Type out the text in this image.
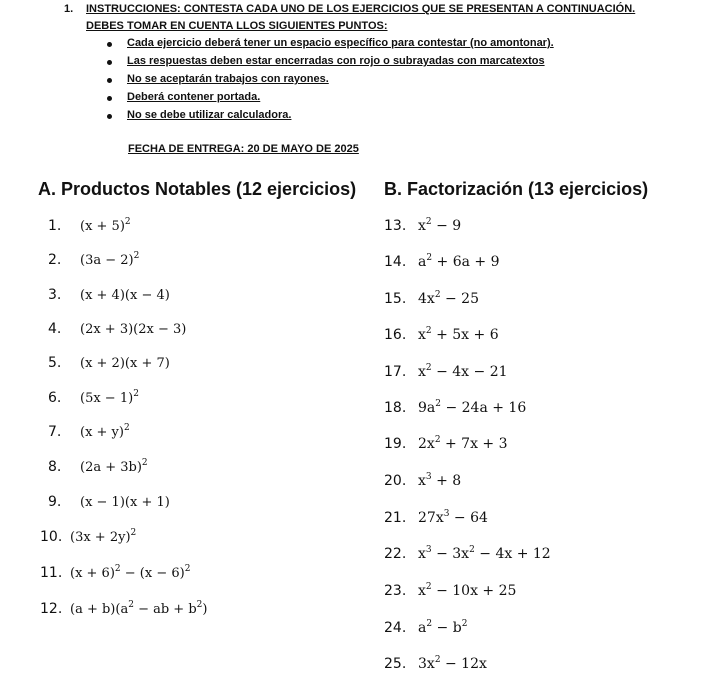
1. INSTRUCCIONES: CONTESTA CADA UNO DE LOS EJERCICIOS QUE SE PRESENTAN A CONTINUACIÓN.
DEBES TOMAR EN CUENTA LLOS SIGUIENTES PUNTOS:
Cada ejercicio deberá tener un espacio específico para contestar (no amontonar).
Las respuestas deben estar encerradas con rojo o subrayadas con marcatextos
No se aceptarán trabajos con rayones.
Deberá contener portada.
No se debe utilizar calculadora.
FECHA DE ENTREGA: 20 DE MAYO DE 2025
A. Productos Notables (12 ejercicios) B. Factorización (13 ejercicios)
1.	$(x + 5)^2$
2.	$(3a - 2)^2$
3.	(x + 4)(x − 4)
4.	(2x + 3)(2x − 3)
5.	(x + 2)(x + 7)
6.	$(5x - 1)^2$
7.	$(x + y)^2$
8.	$(2a + 3b)^2$
9.	(x − 1)(x + 1)
10. $(3x + 2y)^2$
11. $(x + 6)^2 - (x - 6)^2$
12. $(a + b)(a^2$ − ab + $b^2$)
13. $x^2 - 9$
14. $a^2 + 6a + 9$
15. $4x^2 - 25$
16. $x^2 + 5x + 6$
17. $x^2 - 4x - 21$
18. $9a^2 - 24a + 16$
19. $2x^2 + 7x + 3$
20. $x^3 + 8$
21. $27x^3 - 64$
22. $x^3 - 3x^2 - 4x + 12$
23. $x^2 - 10x + 25$
24. $a^2 - b^2$
25. $3x^2 - 12x$
